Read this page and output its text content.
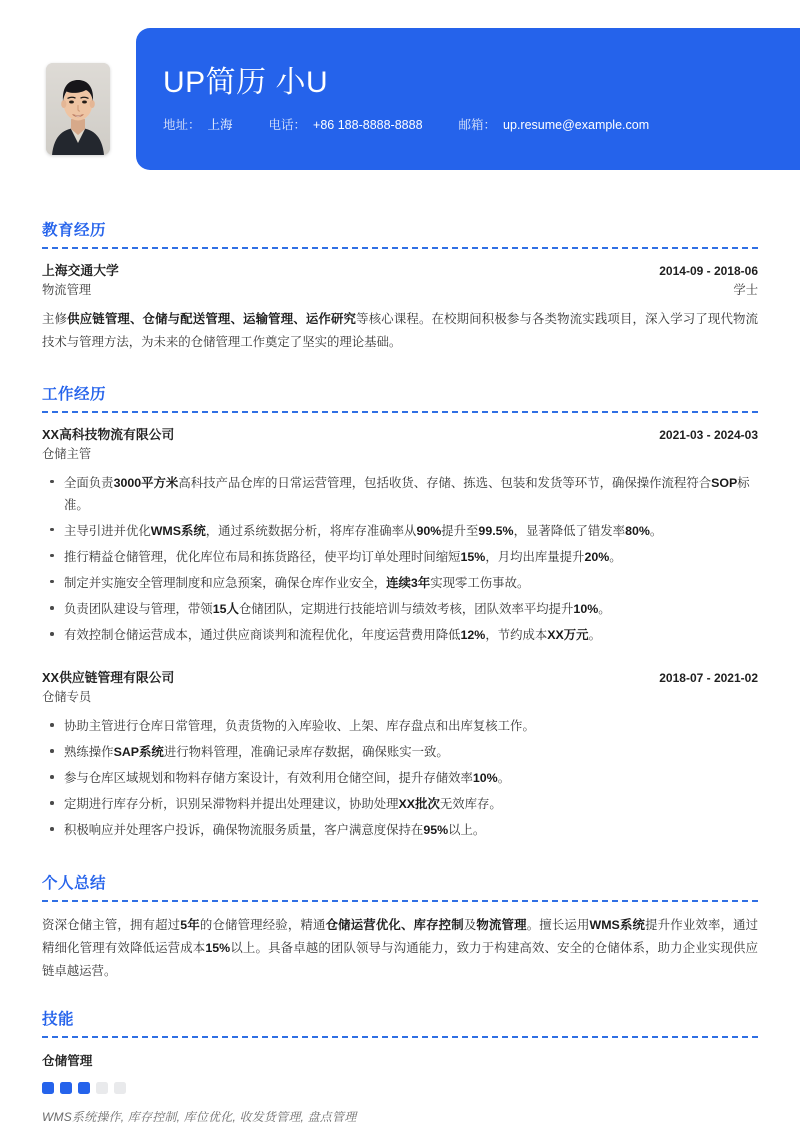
UP简历 小U
地址： 上海	电话： +86 188-8888-8888	邮箱： up.resume@example.com
教育经历
上海交通大学	2014-09 - 2018-06
物流管理	学士
主修供应链管理、仓储与配送管理、运输管理、运作研究等核心课程。在校期间积极参与各类物流实践项目，深入学习了现代物流技术与管理方法，为未来的仓储管理工作奠定了坚实的理论基础。
工作经历
XX高科技物流有限公司	2021-03 - 2024-03
仓储主管
全面负责3000平方米高科技产品仓库的日常运营管理，包括收货、存储、拣选、包装和发货等环节，确保操作流程符合SOP标准。
主导引进并优化WMS系统，通过系统数据分析，将库存准确率从90%提升至99.5%，显著降低了错发率80%。
推行精益仓储管理，优化库位布局和拣货路径，使平均订单处理时间缩短15%，月均出库量提升20%。
制定并实施安全管理制度和应急预案，确保仓库作业安全，连续3年实现零工伤事故。
负责团队建设与管理，带领15人仓储团队，定期进行技能培训与绩效考核，团队效率平均提升10%。
有效控制仓储运营成本，通过供应商谈判和流程优化，年度运营费用降低12%，节约成本XX万元。
XX供应链管理有限公司	2018-07 - 2021-02
仓储专员
协助主管进行仓库日常管理，负责货物的入库验收、上架、库存盘点和出库复核工作。
熟练操作SAP系统进行物料管理，准确记录库存数据，确保账实一致。
参与仓库区域规划和物料存储方案设计，有效利用仓储空间，提升存储效率10%。
定期进行库存分析，识别呆滞物料并提出处理建议，协助处理XX批次无效库存。
积极响应并处理客户投诉，确保物流服务质量，客户满意度保持在95%以上。
个人总结
资深仓储主管，拥有超过5年的仓储管理经验，精通仓储运营优化、库存控制及物流管理。擅长运用WMS系统提升作业效率，通过精细化管理有效降低运营成本15%以上。具备卓越的团队领导与沟通能力，致力于构建高效、安全的仓储体系，助力企业实现供应链卓越运营。
技能
仓储管理
WMS系统操作, 库存控制, 库位优化, 收发货管理, 盘点管理
